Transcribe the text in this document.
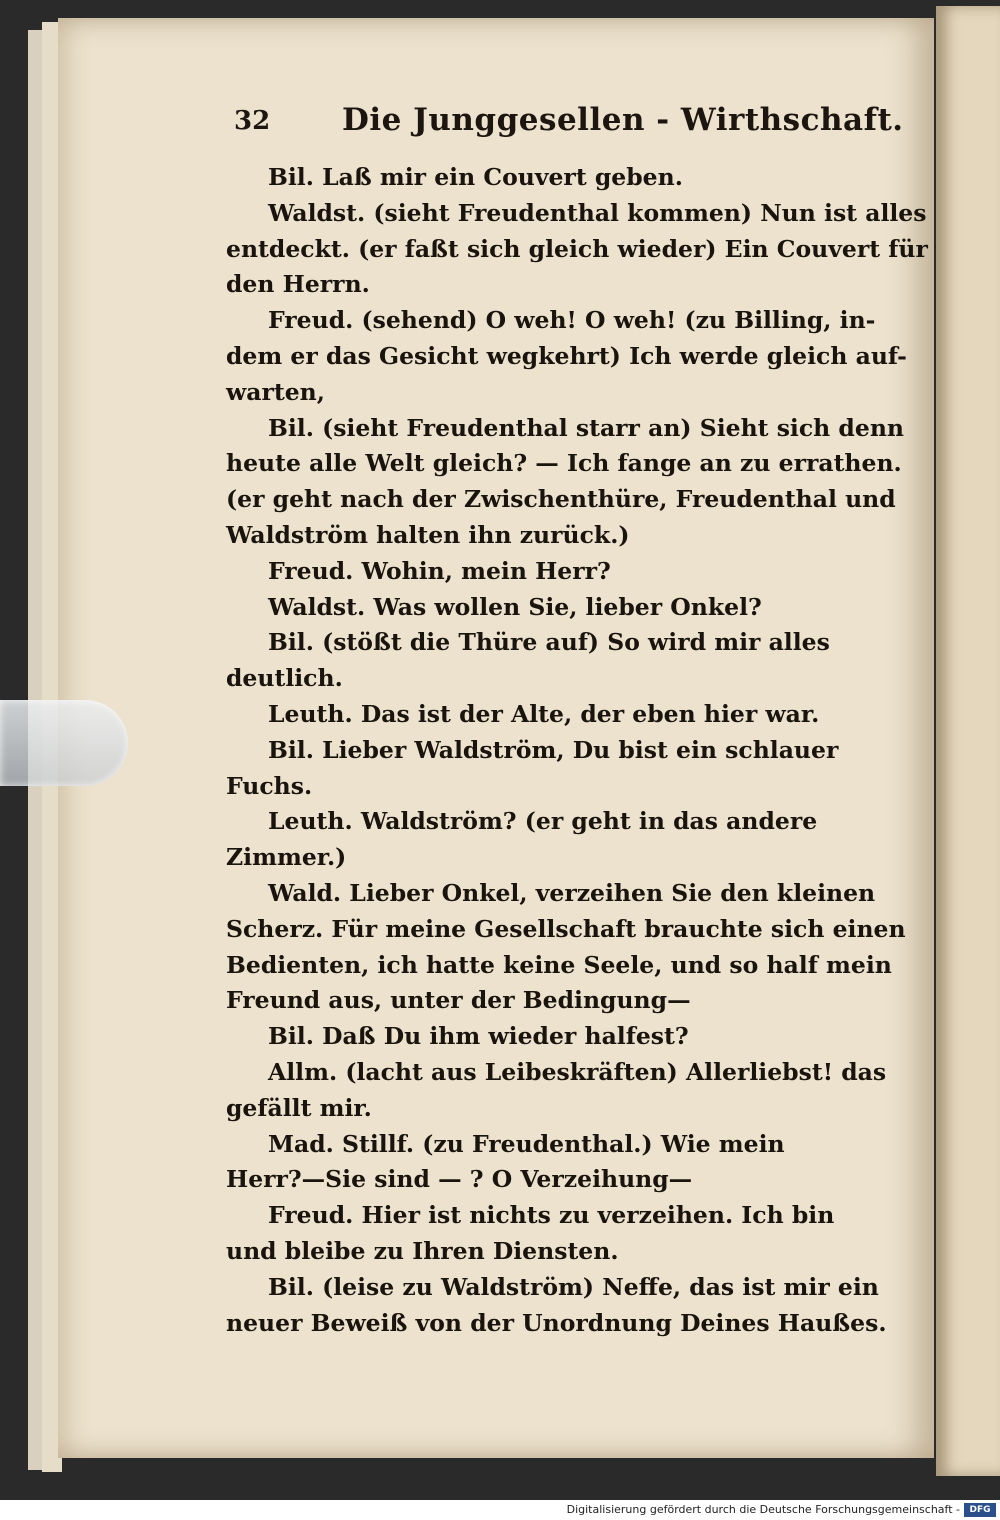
32 Die Junggesellen - Wirthschaft.
Bil. Laß mir ein Couvert geben.
Waldst. (sieht Freudenthal kommen) Nun ist alles
entdeckt. (er faßt sich gleich wieder) Ein Couvert für
den Herrn.
Freud. (sehend) O weh! O weh! (zu Billing, in-
dem er das Gesicht wegkehrt) Ich werde gleich auf-
warten,
Bil. (sieht Freudenthal starr an) Sieht sich denn
heute alle Welt gleich? — Ich fange an zu errathen.
(er geht nach der Zwischenthüre, Freudenthal und
Waldström halten ihn zurück.)
Freud. Wohin, mein Herr?
Waldst. Was wollen Sie, lieber Onkel?
Bil. (stößt die Thüre auf) So wird mir alles
deutlich.
Leuth. Das ist der Alte, der eben hier war.
Bil. Lieber Waldström, Du bist ein schlauer
Fuchs.
Leuth. Waldström? (er geht in das andere
Zimmer.)
Wald. Lieber Onkel, verzeihen Sie den kleinen
Scherz. Für meine Gesellschaft brauchte sich einen
Bedienten, ich hatte keine Seele, und so half mein
Freund aus, unter der Bedingung—
Bil. Daß Du ihm wieder halfest?
Allm. (lacht aus Leibeskräften) Allerliebst! das
gefällt mir.
Mad. Stillf. (zu Freudenthal.) Wie mein
Herr?—Sie sind — ? O Verzeihung—
Freud. Hier ist nichts zu verzeihen. Ich bin
und bleibe zu Ihren Diensten.
Bil. (leise zu Waldström) Neffe, das ist mir ein
neuer Beweiß von der Unordnung Deines Haußes.
Digitalisierung gefördert durch die Deutsche Forschungsgemeinschaft -	DFG
